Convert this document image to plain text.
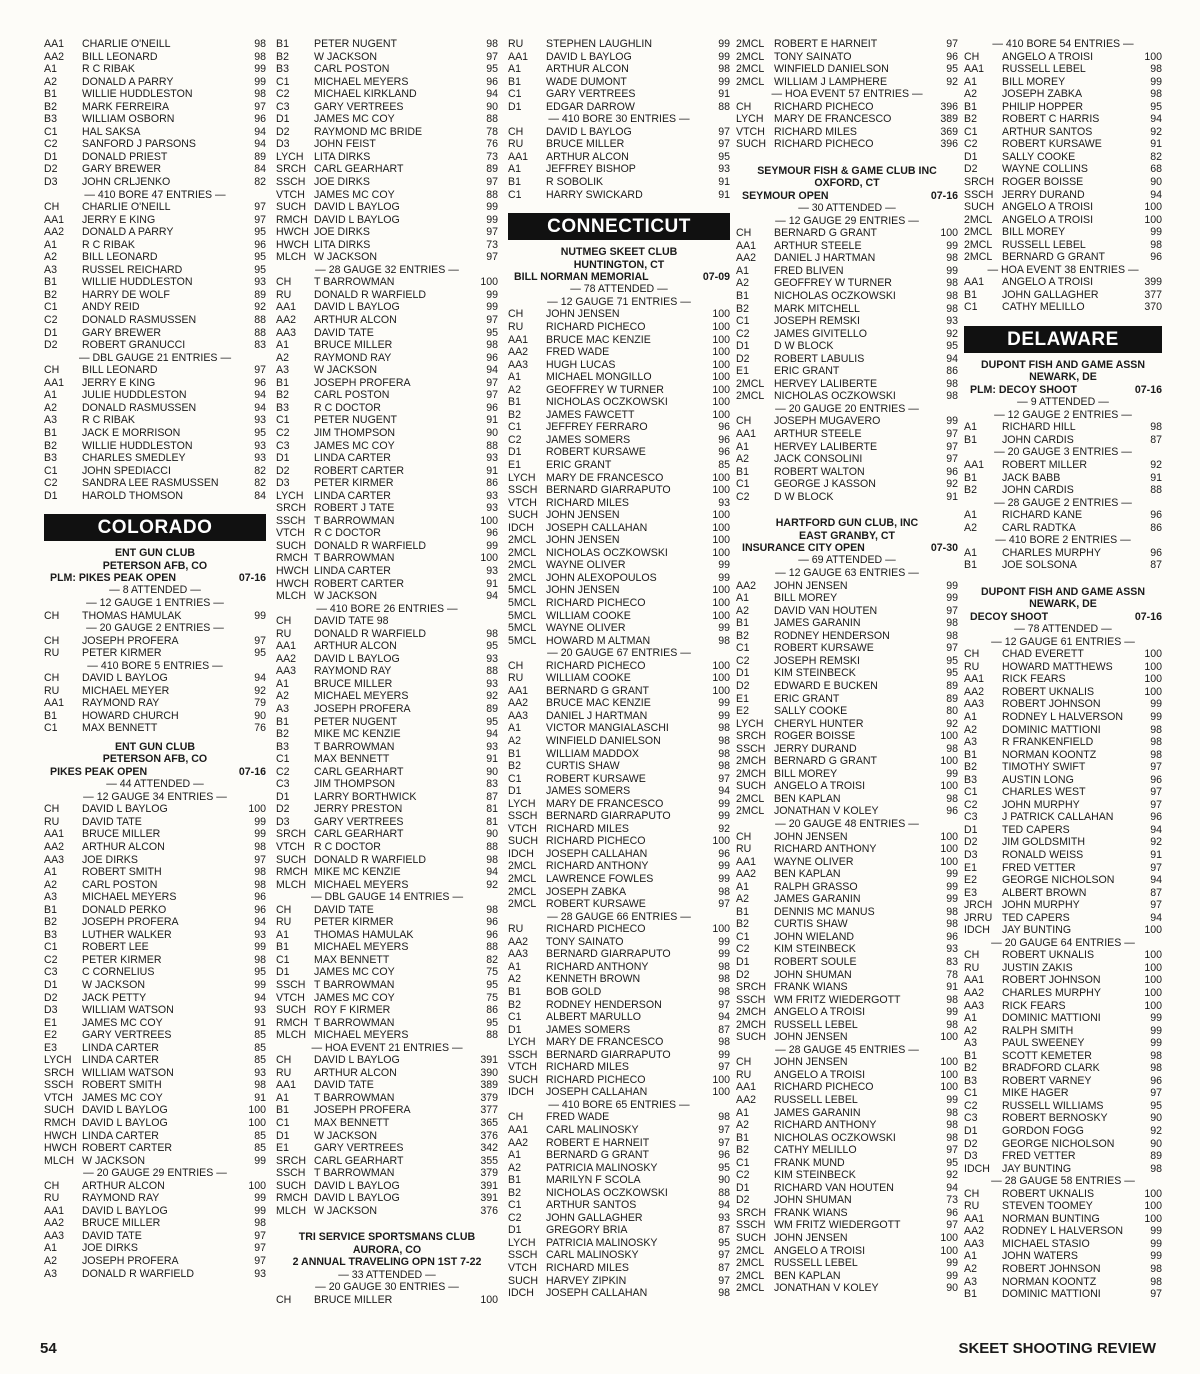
AA1	CHARLIE O'NEILL	98
AA2	BILL LEONARD	98
A1	R C RIBAK	99
A2	DONALD A PARRY	99
B1	WILLIE HUDDLESTON	98
B2	MARK FERREIRA	97
B3	WILLIAM OSBORN	96
C1	HAL SAKSA	94
C2	SANFORD J PARSONS	94
D1	DONALD PRIEST	89
D2	GARY BREWER	84
D3	JOHN CRLJENKO	82
— 410 BORE 47 ENTRIES —
CH	CHARLIE O'NEILL	97
AA1	JERRY E KING	97
AA2	DONALD A PARRY	95
A1	R C RIBAK	96
A2	BILL LEONARD	95
A3	RUSSEL REICHARD	95
B1	WILLIE HUDDLESTON	93
B2	HARRY DE WOLF	89
C1	ANDY REID	92
C2	DONALD RASMUSSEN	88
D1	GARY BREWER	88
D2	ROBERT GRANUCCI	83
— DBL GAUGE 21 ENTRIES —
CH	BILL LEONARD	97
AA1	JERRY E KING	96
A1	JULIE HUDDLESTON	94
A2	DONALD RASMUSSEN	94
A3	R C RIBAK	93
B1	JACK E MORRISON	95
B2	WILLIE HUDDLESTON	93
B3	CHARLES SMEDLEY	93
C1	JOHN SPEDIACCI	82
C2	SANDRA LEE RASMUSSEN	82
D1	HAROLD THOMSON	84
COLORADO
ENT GUN CLUB
PETERSON AFB, CO
PLM: PIKES PEAK OPEN	07-16
— 8 ATTENDED —
— 12 GAUGE 1 ENTRIES —
CH	THOMAS HAMULAK	99
— 20 GAUGE 2 ENTRIES —
CH	JOSEPH PROFERA	97
RU	PETER KIRMER	95
— 410 BORE 5 ENTRIES —
CH	DAVID L BAYLOG	94
RU	MICHAEL MEYER	92
AA1	RAYMOND RAY	79
B1	HOWARD CHURCH	90
C1	MAX BENNETT	76
ENT GUN CLUB
PETERSON AFB, CO
PIKES PEAK OPEN	07-16
— 44 ATTENDED —
— 12 GAUGE 34 ENTRIES —
CH	DAVID L BAYLOG	100
RU	DAVID TATE	99
AA1	BRUCE MILLER	99
AA2	ARTHUR ALCON	98
AA3	JOE DIRKS	97
A1	ROBERT SMITH	98
A2	CARL POSTON	98
A3	MICHAEL MEYERS	96
B1	DONALD PERKO	96
B2	JOSEPH PROFERA	94
B3	LUTHER WALKER	93
C1	ROBERT LEE	99
C2	PETER KIRMER	98
C3	C CORNELIUS	95
D1	W JACKSON	99
D2	JACK PETTY	94
D3	WILLIAM WATSON	93
E1	JAMES MC COY	91
E2	GARY VERTREES	85
E3	LINDA CARTER	85
LYCH LINDA CARTER	85
SRCH WILLIAM WATSON	93
SSCH ROBERT SMITH	98
VTCH JAMES MC COY	91
SUCH DAVID L BAYLOG	100
RMCH DAVID L BAYLOG	100
HWCH LINDA CARTER	85
HWCH ROBERT CARTER	85
MLCH W JACKSON	99
— 20 GAUGE 29 ENTRIES —
CH	ARTHUR ALCON	100
RU	RAYMOND RAY	99
AA1	DAVID L BAYLOG	99
AA2	BRUCE MILLER	98
AA3	DAVID TATE	97
A1	JOE DIRKS	97
A2	JOSEPH PROFERA	97
A3	DONALD R WARFIELD	93
B1	PETER NUGENT	98
B2	W JACKSON	97
B3	CARL POSTON	95
C1	MICHAEL MEYERS	96
C2	MICHAEL KIRKLAND	94
C3	GARY VERTREES	90
D1	JAMES MC COY	88
D2	RAYMOND MC BRIDE	78
D3	JOHN FEIST	76
LYCH LITA DIRKS	73
SRCH CARL GEARHART	89
SSCH JOE DIRKS	97
VTCH JAMES MC COY	88
SUCH DAVID L BAYLOG	99
RMCH DAVID L BAYLOG	99
HWCH JOE DIRKS	97
HWCH LITA DIRKS	73
MLCH W JACKSON	97
— 28 GAUGE 32 ENTRIES —
CH	T BARROWMAN	100
RU	DONALD R WARFIELD	99
AA1	DAVID L BAYLOG	99
AA2	ARTHUR ALCON	97
AA3	DAVID TATE	95
A1	BRUCE MILLER	98
A2	RAYMOND RAY	96
A3	W JACKSON	94
B1	JOSEPH PROFERA	97
B2	CARL POSTON	97
B3	R C DOCTOR	96
C1	PETER NUGENT	91
C2	JIM THOMPSON	90
C3	JAMES MC COY	88
D1	LINDA CARTER	93
D2	ROBERT CARTER	91
D3	PETER KIRMER	86
LYCH LINDA CARTER	93
SRCH ROBERT J TATE	93
SSCH T BARROWMAN	100
VTCH R C DOCTOR	96
SUCH DONALD R WARFIELD	99
RMCH T BARROWMAN	100
HWCH LINDA CARTER	93
HWCH ROBERT CARTER	91
MLCH W JACKSON	94
— 410 BORE 26 ENTRIES —
CH	DAVID TATE 98
RU	DONALD R WARFIELD	98
AA1	ARTHUR ALCON	95
AA2	DAVID L BAYLOG	93
AA3	RAYMOND RAY	88
A1	BRUCE MILLER	93
A2	MICHAEL MEYERS	92
A3	JOSEPH PROFERA	89
B1	PETER NUGENT	95
B2	MIKE MC KENZIE	94
B3	T BARROWMAN	93
C1	MAX BENNETT	91
C2	CARL GEARHART	90
C3	JIM THOMPSON	83
D1	LARRY BORTHWICK	87
D2	JERRY PRESTON	81
D3	GARY VERTREES	81
SRCH CARL GEARHART	90
VTCH R C DOCTOR	88
SUCH DONALD R WARFIELD	98
RMCH MIKE MC KENZIE	94
MLCH MICHAEL MEYERS	92
— DBL GAUGE 14 ENTRIES —
CH	DAVID TATE	98
RU	PETER KIRMER	96
A1	THOMAS HAMULAK	96
B1	MICHAEL MEYERS	88
C1	MAX BENNETT	82
D1	JAMES MC COY	75
SSCH T BARROWMAN	95
VTCH JAMES MC COY	75
SUCH ROY F KIRMER	86
RMCH T BARROWMAN	95
MLCH MICHAEL MEYERS	88
— HOA EVENT 21 ENTRIES —
CH	DAVID L BAYLOG	391
RU	ARTHUR ALCON	390
AA1	DAVID TATE	389
A1	T BARROWMAN	379
B1	JOSEPH PROFERA	377
C1	MAX BENNETT	365
D1	W JACKSON	376
E1	GARY VERTREES	342
SRCH CARL GEARHART	355
SSCH T BARROWMAN	379
SUCH DAVID L BAYLOG	391
RMCH DAVID L BAYLOG	391
MLCH W JACKSON	376
TRI SERVICE SPORTSMANS CLUB
AURORA, CO
2 ANNUAL TRAVELING OPN 1ST 7-22
— 33 ATTENDED —
— 20 GAUGE 30 ENTRIES —
CH	BRUCE MILLER	100
RU	STEPHEN LAUGHLIN	99
AA1	DAVID L BAYLOG	99
A1	ARTHUR ALCON	98
B1	WADE DUMONT	99
C1	GARY VERTREES	91
D1	EDGAR DARROW	88
— 410 BORE 30 ENTRIES —
CH	DAVID L BAYLOG	97
RU	BRUCE MILLER	97
AA1	ARTHUR ALCON	95
A1	JEFFREY BISHOP	93
B1	R SOBOLIK	91
C1	HARRY SWICKARD	91
CONNECTICUT
NUTMEG SKEET CLUB
HUNTINGTON, CT
BILL NORMAN MEMORIAL	07-09
— 78 ATTENDED —
— 12 GAUGE 71 ENTRIES —
CH	JOHN JENSEN	100
RU	RICHARD PICHECO	100
AA1	BRUCE MAC KENZIE	100
AA2	FRED WADE	100
AA3	HUGH LUCAS	100
A1	MICHAEL MONGILLO	100
A2	GEOFFREY W TURNER	100
B1	NICHOLAS OCZKOWSKI	100
B2	JAMES FAWCETT	100
C1	JEFFREY FERRARO	96
C2	JAMES SOMERS	96
D1	ROBERT KURSAWE	96
E1	ERIC GRANT	85
LYCH MARY DE FRANCESCO	100
SSCH BERNARD GIARRAPUTO	100
VTCH RICHARD MILES	93
SUCH JOHN JENSEN	100
IDCH	JOSEPH CALLAHAN	100
2MCL JOHN JENSEN	100
2MCL NICHOLAS OCZKOWSKI	100
2MCL WAYNE OLIVER	99
2MCL JOHN ALEXOPOULOS	99
5MCL JOHN JENSEN	100
5MCL RICHARD PICHECO	100
5MCL WILLIAM COOKE	100
5MCL WAYNE OLIVER	99
5MCL HOWARD M ALTMAN	98
— 20 GAUGE 67 ENTRIES —
CH	RICHARD PICHECO	100
RU	WILLIAM COOKE	100
AA1	BERNARD G GRANT	100
AA2	BRUCE MAC KENZIE	99
AA3	DANIEL J HARTMAN	99
A1	VICTOR MANGIALASCHI	98
A2	WINFIELD DANIELSON	98
B1	WILLIAM MADDOX	98
B2	CURTIS SHAW	98
C1	ROBERT KURSAWE	97
D1	JAMES SOMERS	94
LYCH MARY DE FRANCESCO	99
SSCH BERNARD GIARRAPUTO	99
VTCH RICHARD MILES	92
SUCH RICHARD PICHECO	100
IDCH	JOSEPH CALLAHAN	96
2MCL RICHARD ANTHONY	99
2MCL LAWRENCE FOWLES	99
2MCL JOSEPH ZABKA	98
2MCL ROBERT KURSAWE	97
— 28 GAUGE 66 ENTRIES —
RU	RICHARD PICHECO	100
AA2	TONY SAINATO	99
AA3	BERNARD GIARRAPUTO	99
A1	RICHARD ANTHONY	98
A2	KENNETH BROWN	98
B1	BOB GOLD	98
B2	RODNEY HENDERSON	97
C1	ALBERT MARULLO	94
D1	JAMES SOMERS	87
LYCH MARY DE FRANCESCO	98
SSCH BERNARD GIARRAPUTO	99
VTCH RICHARD MILES	97
SUCH RICHARD PICHECO	100
IDCH	JOSEPH CALLAHAN	100
— 410 BORE 65 ENTRIES —
CH	FRED WADE	98
AA1	CARL MALINOSKY	97
AA2	ROBERT E HARNEIT	97
A1	BERNARD G GRANT	96
A2	PATRICIA MALINOSKY	95
B1	MARILYN F SCOLA	90
B2	NICHOLAS OCZKOWSKI	88
C1	ARTHUR SANTOS	94
C2	JOHN GALLAGHER	93
D1	GREGORY BRIA	87
LYCH PATRICIA MALINOSKY	95
SSCH CARL MALINOSKY	97
VTCH RICHARD MILES	87
SUCH HARVEY ZIPKIN	97
IDCH	JOSEPH CALLAHAN	98
2MCL ROBERT E HARNEIT	97
2MCL TONY SAINATO	96
2MCL WINFIELD DANIELSON	95
2MCL WILLIAM J LAMPHERE	92
— HOA EVENT 57 ENTRIES —
CH	RICHARD PICHECO	396
LYCH MARY DE FRANCESCO	389
VTCH RICHARD MILES	369
SUCH RICHARD PICHECO	396
SEYMOUR FISH & GAME CLUB INC
OXFORD, CT
SEYMOUR OPEN	07-16
— 30 ATTENDED —
— 12 GAUGE 29 ENTRIES —
CH	BERNARD G GRANT	100
AA1	ARTHUR STEELE	99
AA2	DANIEL J HARTMAN	98
A1	FRED BLIVEN	99
A2	GEOFFREY W TURNER	98
B1	NICHOLAS OCZKOWSKI	98
B2	MARK MITCHELL	98
C1	JOSEPH REMSKI	93
C2	JAMES GIVITELLO	92
D1	D W BLOCK	95
D2	ROBERT LABULIS	94
E1	ERIC GRANT	86
2MCL HERVEY LALIBERTE	98
2MCL NICHOLAS OCZKOWSKI	98
— 20 GAUGE 20 ENTRIES —
CH	JOSEPH MUGAVERO	99
AA1	ARTHUR STEELE	97
A1	HERVEY LALIBERTE	97
A2	JACK CONSOLINI	97
B1	ROBERT WALTON	96
C1	GEORGE J KASSON	92
C2	D W BLOCK	91
HARTFORD GUN CLUB, INC
EAST GRANBY, CT
INSURANCE CITY OPEN	07-30
— 69 ATTENDED —
— 12 GAUGE 63 ENTRIES —
AA2	JOHN JENSEN	99
A1	BILL MOREY	99
A2	DAVID VAN HOUTEN	97
B1	JAMES GARANIN	98
B2	RODNEY HENDERSON	98
C1	ROBERT KURSAWE	97
C2	JOSEPH REMSKI	95
D1	KIM STEINBECK	95
D2	EDWARD E BUCKEN	89
E1	ERIC GRANT	89
E2	SALLY COOKE	80
LYCH CHERYL HUNTER	92
SRCH ROGER BOISSE	100
SSCH JERRY DURAND	98
2MCH BERNARD G GRANT	100
2MCH BILL MOREY	99
SUCH ANGELO A TROISI	100
2MCL BEN KAPLAN	98
2MCL JONATHAN V KOLEY	96
— 20 GAUGE 48 ENTRIES —
CH	JOHN JENSEN	100
RU	RICHARD ANTHONY	100
AA1	WAYNE OLIVER	100
AA2	BEN KAPLAN	99
A1	RALPH GRASSO	99
A2	JAMES GARANIN	99
B1	DENNIS MC MANUS	98
B2	CURTIS SHAW	98
C1	JOHN WIELAND	96
C2	KIM STEINBECK	93
D1	ROBERT SOULE	83
D2	JOHN SHUMAN	78
SRCH FRANK WIANS	91
SSCH WM FRITZ WIEDERGOTT	98
2MCH ANGELO A TROISI	99
2MCH RUSSELL LEBEL	98
SUCH JOHN JENSEN	100
— 28 GAUGE 45 ENTRIES —
CH	JOHN JENSEN	100
RU	ANGELO A TROISI	100
AA1	RICHARD PICHECO	100
AA2	RUSSELL LEBEL	99
A1	JAMES GARANIN	98
A2	RICHARD ANTHONY	98
B1	NICHOLAS OCZKOWSKI	98
B2	CATHY MELILLO	97
C1	FRANK MUND	95
C2	KIM STEINBECK	92
D1	RICHARD VAN HOUTEN	94
D2	JOHN SHUMAN	73
SRCH FRANK WIANS	96
SSCH WM FRITZ WIEDERGOTT	97
SUCH JOHN JENSEN	100
2MCL ANGELO A TROISI	100
2MCL RUSSELL LEBEL	99
2MCL BEN KAPLAN	99
2MCL JONATHAN V KOLEY	90
— 410 BORE 54 ENTRIES —
CH	ANGELO A TROISI	100
AA1	RUSSELL LEBEL	98
A1	BILL MOREY	99
A2	JOSEPH ZABKA	98
B1	PHILIP HOPPER	95
B2	ROBERT C HARRIS	94
C1	ARTHUR SANTOS	92
C2	ROBERT KURSAWE	91
D1	SALLY COOKE	82
D2	WAYNE COLLINS	68
SRCH ROGER BOISSE	90
SSCH JERRY DURAND	94
SUCH ANGELO A TROISI	100
2MCL ANGELO A TROISI	100
2MCL BILL MOREY	99
2MCL RUSSELL LEBEL	98
2MCL BERNARD G GRANT	96
— HOA EVENT 38 ENTRIES —
AA1	ANGELO A TROISI	399
B1	JOHN GALLAGHER	377
C1	CATHY MELILLO	370
DELAWARE
DUPONT FISH AND GAME ASSN
NEWARK, DE
PLM: DECOY SHOOT	07-16
— 9 ATTENDED —
— 12 GAUGE 2 ENTRIES —
A1	RICHARD HILL	98
B1	JOHN CARDIS	87
— 20 GAUGE 3 ENTRIES —
AA1	ROBERT MILLER	92
B1	JACK BABB	91
B2	JOHN CARDIS	88
— 28 GAUGE 2 ENTRIES —
A1	RICHARD KANE	96
A2	CARL RADTKA	86
— 410 BORE 2 ENTRIES —
A1	CHARLES MURPHY	96
B1	JOE SOLSONA	87
DUPONT FISH AND GAME ASSN
NEWARK, DE
DECOY SHOOT	07-16
— 78 ATTENDED —
— 12 GAUGE 61 ENTRIES —
CH	CHAD EVERETT	100
RU	HOWARD MATTHEWS	100
AA1	RICK FEARS	100
AA2	ROBERT UKNALIS	100
AA3	ROBERT JOHNSON	99
A1	RODNEY L HALVERSON	99
A2	DOMINIC MATTIONI	98
A3	R FRANKENFIELD	98
B1	NORMAN KOONTZ	98
B2	TIMOTHY SWIFT	97
B3	AUSTIN LONG	96
C1	CHARLES WEST	97
C2	JOHN MURPHY	97
C3	J PATRICK CALLAHAN	96
D1	TED CAPERS	94
D2	JIM GOLDSMITH	92
D3	RONALD WEISS	91
E1	FRED VETTER	97
E2	GEORGE NICHOLSON	94
E3	ALBERT BROWN	87
JRCH JOHN MURPHY	97
JRRU TED CAPERS	94
IDCH	JAY BUNTING	100
— 20 GAUGE 64 ENTRIES —
CH	ROBERT UKNALIS	100
RU	JUSTIN ZAKIS	100
AA1	ROBERT JOHNSON	100
AA2	CHARLES MURPHY	100
AA3	RICK FEARS	100
A1	DOMINIC MATTIONI	99
A2	RALPH SMITH	99
A3	PAUL SWEENEY	99
B1	SCOTT KEMETER	98
B2	BRADFORD CLARK	98
B3	ROBERT VARNEY	96
C1	MIKE HAGER	97
C2	RUSSELL WILLIAMS	95
C3	ROBERT BERNOSKY	90
D1	GORDON FOGG	92
D2	GEORGE NICHOLSON	90
D3	FRED VETTER	89
IDCH	JAY BUNTING	98
— 28 GAUGE 58 ENTRIES —
CH	ROBERT UKNALIS	100
RU	STEVEN TOOMEY	100
AA1	NORMAN BUNTING	100
AA2	RODNEY L HALVERSON	99
AA3	MICHAEL STASIO	99
A1	JOHN WATERS	99
A2	ROBERT JOHNSON	98
A3	NORMAN KOONTZ	98
B1	DOMINIC MATTIONI	97
54	SKEET SHOOTING REVIEW
